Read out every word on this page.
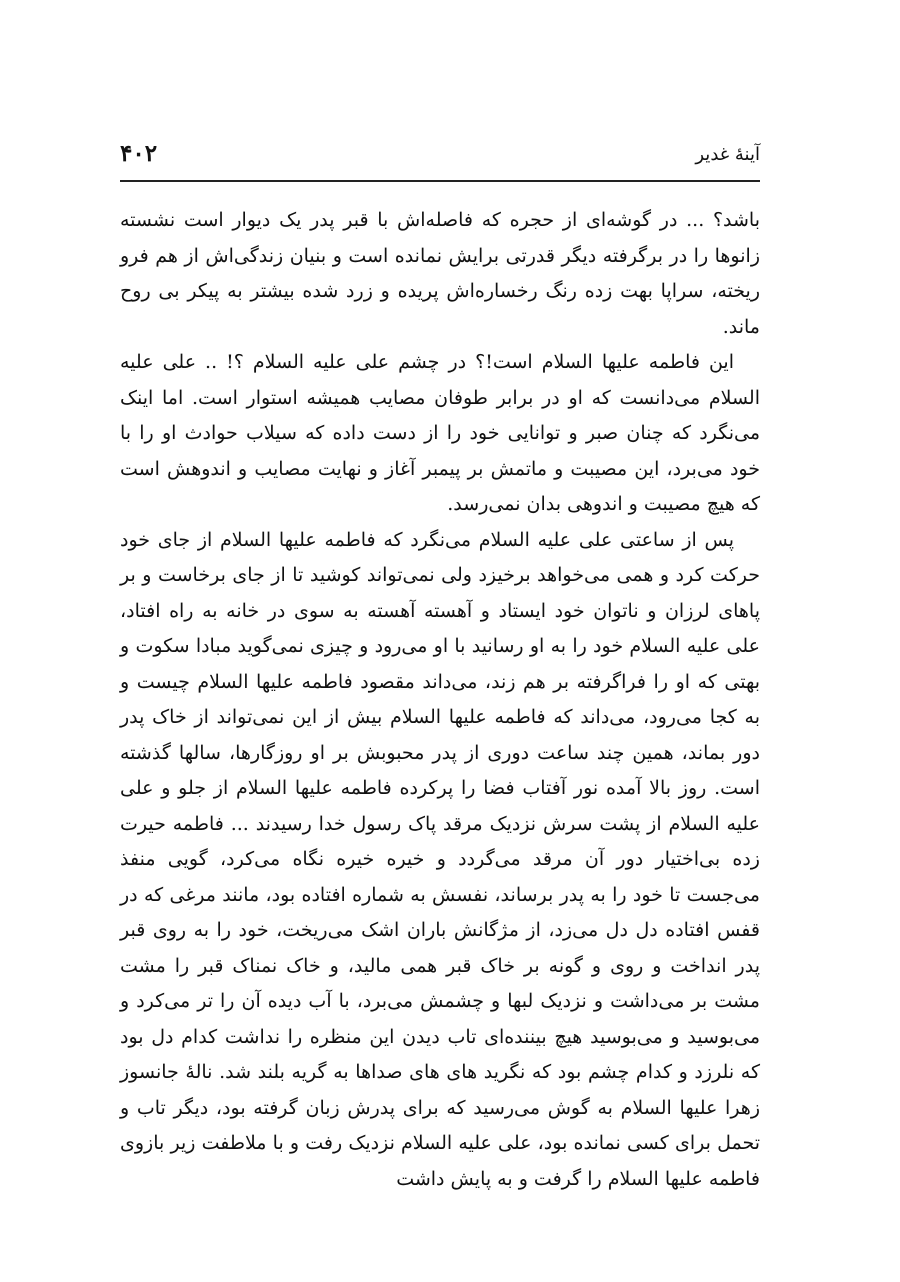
۴۰۲	آینهٔ غدیر

باشد؟ ... در گوشه‌ای از حجره که فاصله‌اش با قبر پدر یک دیوار است نشسته زانوها را در برگرفته دیگر قدرتی برایش نمانده است و بنیان زندگی‌اش از هم فرو ریخته، سراپا بهت زده رنگ رخساره‌اش پریده و زرد شده بیشتر به پیکر بی روح ماند.

این فاطمه علیها السلام است!؟ در چشم علی علیه السلام ؟! .. علی علیه السلام می‌دانست که او در برابر طوفان مصایب همیشه استوار است. اما اینک می‌نگرد که چنان صبر و توانایی خود را از دست داده که سیلاب حوادث او را با خود می‌برد، این مصیبت و ماتمش بر پیمبر آغاز و نهایت مصایب و اندوهش است که هیچ مصیبت و اندوهی بدان نمی‌رسد.

پس از ساعتی علی علیه السلام می‌نگرد که فاطمه علیها السلام از جای خود حرکت کرد و همی می‌خواهد برخیزد ولی نمی‌تواند کوشید تا از جای برخاست و بر پاهای لرزان و ناتوان خود ایستاد و آهسته آهسته به سوی در خانه به راه افتاد، علی علیه السلام خود را به او رسانید با او می‌رود و چیزی نمی‌گوید مبادا سکوت و بهتی که او را فراگرفته بر هم زند، می‌داند مقصود فاطمه علیها السلام چیست و به کجا می‌رود، می‌داند که فاطمه علیها السلام بیش از این نمی‌تواند از خاک پدر دور بماند، همین چند ساعت دوری از پدر محبوبش بر او روزگارها، سالها گذشته است. روز بالا آمده نور آفتاب فضا را پرکرده فاطمه علیها السلام از جلو و علی علیه السلام از پشت سرش نزدیک مرقد پاک رسول خدا رسیدند ... فاطمه حیرت زده بی‌اختیار دور آن مرقد می‌گردد و خیره خیره نگاه می‌کرد، گویی منفذ می‌جست تا خود را به پدر برساند، نفسش به شماره افتاده بود، مانند مرغی که در قفس افتاده دل دل می‌زد، از مژگانش باران اشک می‌ریخت، خود را به روی قبر پدر انداخت و روی و گونه بر خاک قبر همی مالید، و خاک نمناک قبر را مشت مشت بر می‌داشت و نزدیک لبها و چشمش می‌برد، با آب دیده آن را تر می‌کرد و می‌بوسید و می‌بوسید هیچ بیننده‌ای تاب دیدن این منظره را نداشت کدام دل بود که نلرزد و کدام چشم بود که نگرید های های صداها به گریه بلند شد. نالهٔ جانسوز زهرا علیها السلام به گوش می‌رسید که برای پدرش زبان گرفته بود، دیگر تاب و تحمل برای کسی نمانده بود، علی علیه السلام نزدیک رفت و با ملاطفت زیر بازوی فاطمه علیها السلام را گرفت و به پایش داشت
